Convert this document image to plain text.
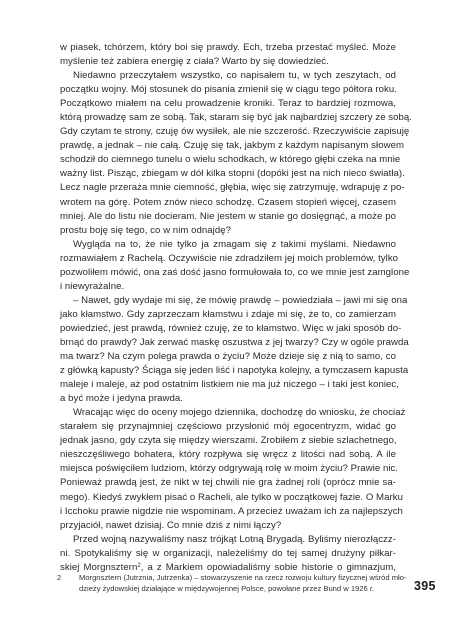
w piasek, tchórzem, który boi się prawdy. Ech, trzeba przestać myśleć. Może
myślenie też zabiera energię z ciała? Warto by się dowiedzieć.
Niedawno przeczytałem wszystko, co napisałem tu, w tych zeszytach, od
początku wojny. Mój stosunek do pisania zmienił się w ciągu tego półtora roku.
Początkowo miałem na celu prowadzenie kroniki. Teraz to bardziej rozmowa,
którą prowadzę sam ze sobą. Tak, staram się być jak najbardziej szczery ze sobą.
Gdy czytam te strony, czuję ów wysiłek, ale nie szczerość. Rzeczywiście zapisuję
prawdę, a jednak – nie całą. Czuję się tak, jakbym z każdym napisanym słowem
schodził do ciemnego tunelu o wielu schodkach, w którego głębi czeka na mnie
ważny list. Pisząc, zbiegam w dół kilka stopni (dopóki jest na nich nieco światła).
Lecz nagle przeraża mnie ciemność, głębia, więc się zatrzymuję, wdrapuję z po-
wrotem na górę. Potem znów nieco schodzę. Czasem stopień więcej, czasem
mniej. Ale do listu nie docieram. Nie jestem w stanie go dosięgnąć, a może po
prostu boję się tego, co w nim odnajdę?
Wygląda na to, że nie tylko ja zmagam się z takimi myślami. Niedawno
rozmawiałem z Rachelą. Oczywiście nie zdradziłem jej moich problemów, tylko
pozwoliłem mówić, ona zaś dość jasno formułowała to, co we mnie jest zamglone
i niewyrażalne.
– Nawet, gdy wydaje mi się, że mówię prawdę – powiedziała – jawi mi się ona
jako kłamstwo. Gdy zaprzeczam kłamstwu i zdaje mi się, że to, co zamierzam
powiedzieć, jest prawdą, również czuję, że to kłamstwo. Więc w jaki sposób do-
brnąć do prawdy? Jak zerwać maskę oszustwa z jej twarzy? Czy w ogóle prawda
ma twarz? Na czym polega prawda o życiu? Może dzieje się z nią to samo, co
z główką kapusty? Ściąga się jeden liść i napotyka kolejny, a tymczasem kapusta
maleje i maleje, aż pod ostatnim listkiem nie ma już niczego – i taki jest koniec,
a być może i jedyna prawda.
Wracając więc do oceny mojego dziennika, dochodzę do wniosku, że chociaż
starałem się przynajmniej częściowo przysłonić mój egocentryzm, widać go
jednak jasno, gdy czyta się między wierszami. Zrobiłem z siebie szlachetnego,
nieszczęśliwego bohatera, który rozpływa się wręcz z litości nad sobą. A ile
miejsca poświęciłem ludziom, którzy odgrywają rolę w moim życiu? Prawie nic.
Ponieważ prawdą jest, że nikt w tej chwili nie gra żadnej roli (oprócz mnie sa-
mego). Kiedyś zwykłem pisać o Racheli, ale tylko w początkowej fazie. O Marku
i Icchoku prawie nigdzie nie wspominam. A przecież uważam ich za najlepszych
przyjaciół, nawet dzisiaj. Co mnie dziś z nimi łączy?
Przed wojną nazywaliśmy nasz trójkąt Lotną Brygadą. Byliśmy nierozłączz-
ni. Spotykaliśmy się w organizacji, należeliśmy do tej samej drużyny piłkar-
skiej Morgnsztern$^2$, a z Markiem opowiadaliśmy sobie historie o gimnazjum,
2 Morgnsztern (Jutrznia, Jutrzenka) – stowarzyszenie na rzecz rozwoju kultury fizycznej wśród mło-
dzieży żydowskiej działające w międzywojennej Polsce, powołane przez Bund w 1926 r.	395
